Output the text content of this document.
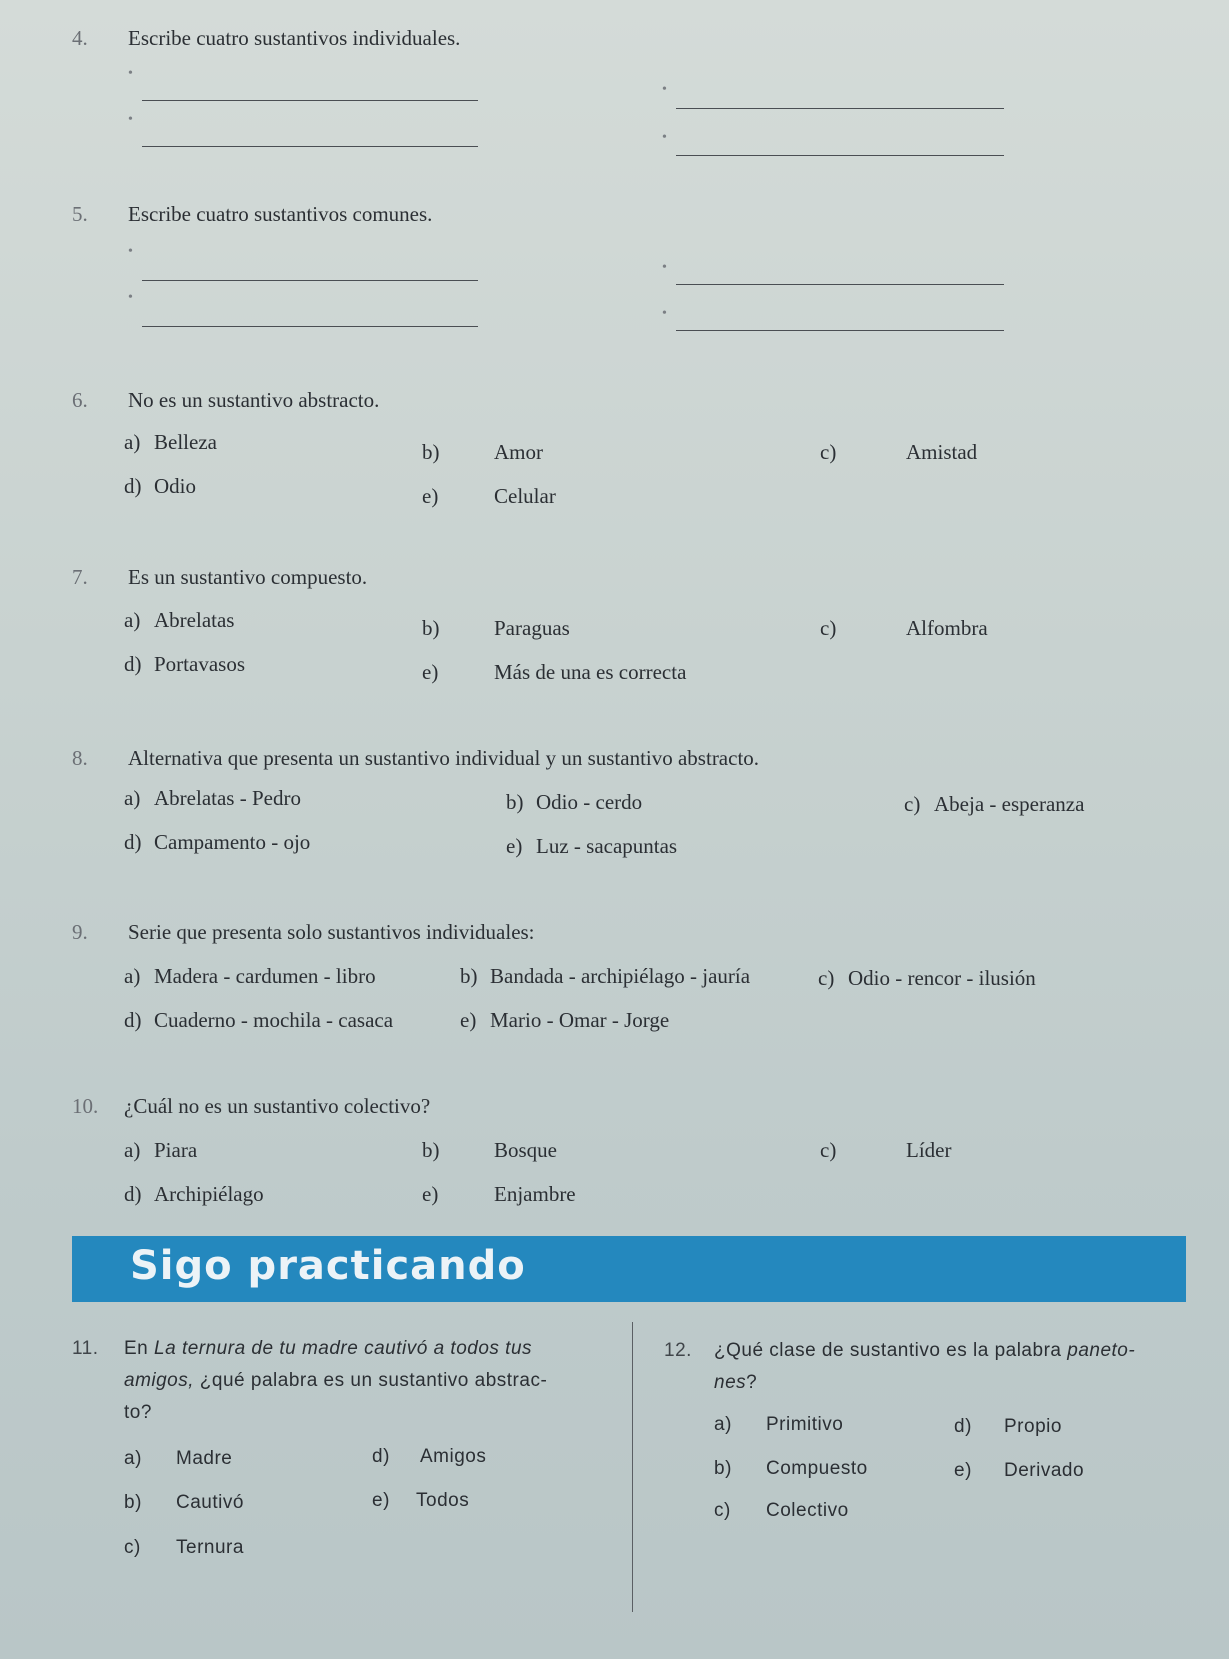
4. Escribe cuatro sustantivos individuales.
•
•
•
•
5. Escribe cuatro sustantivos comunes.
•
•
•
•
6. No es un sustantivo abstracto.
a) Belleza	b)	Amor	c)	Amistad
d) Odio	e)	Celular
7. Es un sustantivo compuesto.
a) Abrelatas	b)	Paraguas	c)	Alfombra
d) Portavasos	e)	Más de una es correcta
8. Alternativa que presenta un sustantivo individual y un sustantivo abstracto.
a) Abrelatas - Pedro	b) Odio - cerdo	c) Abeja - esperanza
d) Campamento - ojo	e) Luz - sacapuntas
9. Serie que presenta solo sustantivos individuales:
a) Madera - cardumen - libro	b) Bandada - archipiélago - jauría	c) Odio - rencor - ilusión
d) Cuaderno - mochila - casaca	e) Mario - Omar - Jorge
10. ¿Cuál no es un sustantivo colectivo?
a) Piara	b)	Bosque	c)	Líder
d) Archipiélago	e)	Enjambre
Sigo practicando
11. En La ternura de tu madre cautivó a todos tus
amigos, ¿qué palabra es un sustantivo abstrac-
to?
a) Madre	d) Amigos
b) Cautivó	e) Todos
c) Ternura
12. ¿Qué clase de sustantivo es la palabra paneto-
nes?
a) Primitivo	d) Propio
b) Compuesto	e) Derivado
c) Colectivo
